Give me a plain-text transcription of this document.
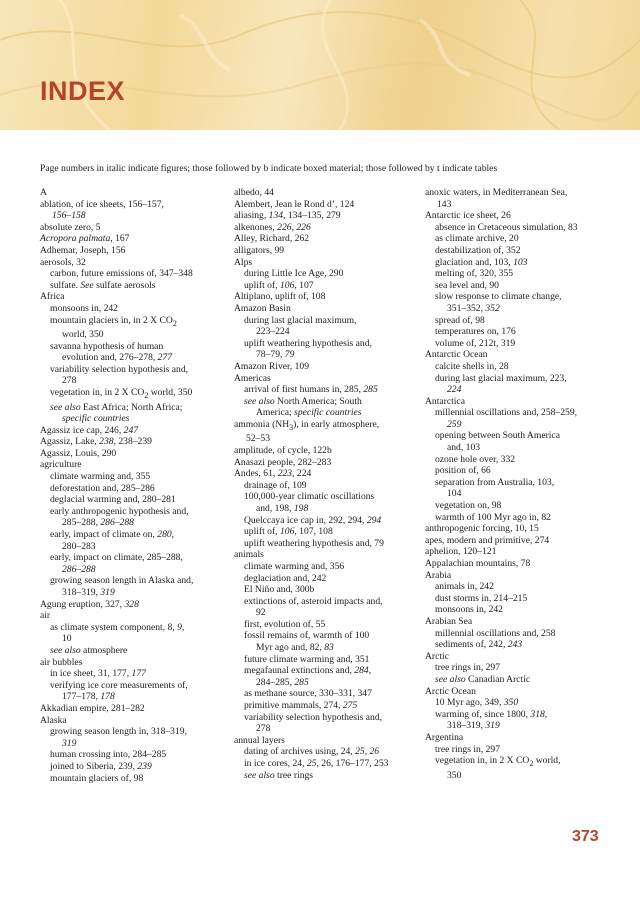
INDEX

Page numbers in italic indicate figures; those followed by b indicate boxed material; those followed by t indicate tables

A
ablation, of ice sheets, 156–157,
156–158
absolute zero, 5
Acropora palmata, 167
Adhemar, Joseph, 156
aerosols, 32
carbon, future emissions of, 347–348
sulfate. See sulfate aerosols
Africa
monsoons in, 242
mountain glaciers in, in 2 X $CO_2$
world, 350
savanna hypothesis of human
evolution and, 276–278, 277
variability selection hypothesis and,
278
vegetation in, in 2 X $CO_2$ world, 350
see also East Africa; North Africa;
specific countries
Agassiz ice cap, 246, 247
Agassiz, Lake, 238, 238–239
Agassiz, Louis, 290
agriculture
climate warming and, 355
deforestation and, 285–286
deglacial warming and, 280–281
early anthropogenic hypothesis and,
285–288, 286–288
early, impact of climate on, 280,
280–283
early, impact on climate, 285–288,
286–288
growing season length in Alaska and,
318–319, 319
Agung eruption, 327, 328
air
as climate system component, 8, 9,
10
see also atmosphere
air bubbles
in ice sheet, 31, 177, 177
verifying ice core measurements of,
177–178, 178
Akkadian empire, 281–282
Alaska
growing season length in, 318–319,
319
human crossing into, 284–285
joined to Siberia, 239, 239
mountain glaciers of, 98
albedo, 44
Alembert, Jean le Rond d’, 124
aliasing, 134, 134–135, 279
alkenones, 226, 226
Alley, Richard, 262
alligators, 99
Alps
during Little Ice Age, 290
uplift of, 106, 107
Altiplano, uplift of, 108
Amazon Basin
during last glacial maximum,
223–224
uplift weathering hypothesis and,
78–79, 79
Amazon River, 109
Americas
arrival of first humans in, 285, 285
see also North America; South
America; specific countries
ammonia $(NH_3)$, in early atmosphere,
52–53
amplitude, of cycle, 122b
Anasazi people, 282–283
Andes, 61, 223, 224
drainage of, 109
100,000-year climatic oscillations
and, 198, 198
Quelccaya ice cap in, 292, 294, 294
uplift of, 106, 107, 108
uplift weathering hypothesis and, 79
animals
climate warming and, 356
deglaciation and, 242
El Niño and, 300b
extinctions of, asteroid impacts and,
92
first, evolution of, 55
fossil remains of, warmth of 100
Myr ago and, 82, 83
future climate warming and, 351
megafaunal extinctions and, 284,
284–285, 285
as methane source, 330–331, 347
primitive mammals, 274, 275
variability selection hypothesis and,
278
annual layers
dating of archives using, 24, 25, 26
in ice cores, 24, 25, 26, 176–177, 253
see also tree rings
anoxic waters, in Mediterranean Sea,
143
Antarctic ice sheet, 26
absence in Cretaceous simulation, 83
as climate archive, 20
destabilization of, 352
glaciation and, 103, 103
melting of, 320, 355
sea level and, 90
slow response to climate change,
351–352, 352
spread of, 98
temperatures on, 176
volume of, 212t, 319
Antarctic Ocean
calcite shells in, 28
during last glacial maximum, 223,
224
Antarctica
millennial oscillations and, 258–259,
259
opening between South America
and, 103
ozone hole over, 332
position of, 66
separation from Australia, 103,
104
vegetation on, 98
warmth of 100 Myr ago in, 82
anthropogenic forcing, 10, 15
apes, modern and primitive, 274
aphelion, 120–121
Appalachian mountains, 78
Arabia
animals in, 242
dust storms in, 214–215
monsoons in, 242
Arabian Sea
millennial oscillations and, 258
sediments of, 242, 243
Arctic
tree rings in, 297
see also Canadian Arctic
Arctic Ocean
10 Myr ago, 349, 350
warming of, since 1800, 318,
318–319, 319
Argentina
tree rings in, 297
vegetation in, in 2 X $CO_2$ world,
350
373
